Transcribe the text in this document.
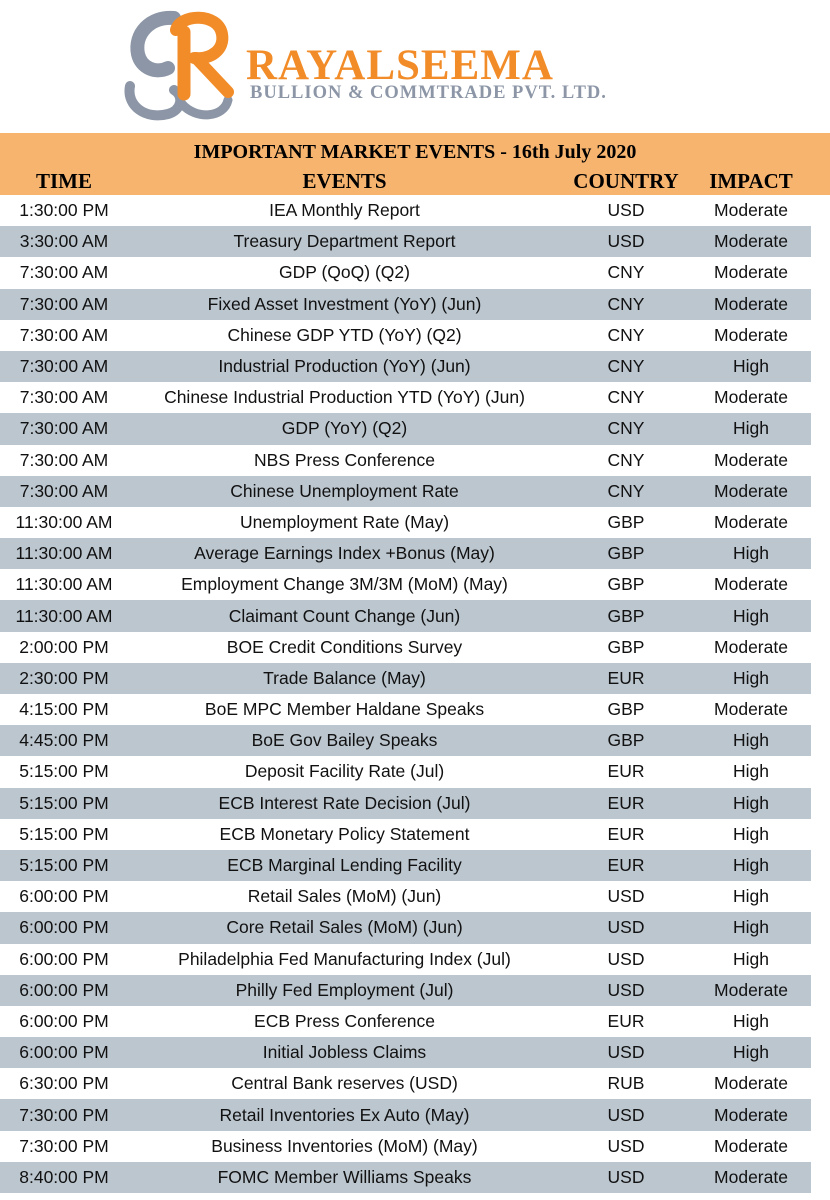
RAYALSEEMA
BULLION & COMMTRADE PVT. LTD.
IMPORTANT MARKET EVENTS - 16th July 2020
TIME	EVENTS	COUNTRY	IMPACT
1:30:00 PM	IEA Monthly Report	USD	Moderate
3:30:00 AM	Treasury Department Report	USD	Moderate
7:30:00 AM	GDP (QoQ) (Q2)	CNY	Moderate
7:30:00 AM	Fixed Asset Investment (YoY) (Jun)	CNY	Moderate
7:30:00 AM	Chinese GDP YTD (YoY) (Q2)	CNY	Moderate
7:30:00 AM	Industrial Production (YoY) (Jun)	CNY	High
7:30:00 AM	Chinese Industrial Production YTD (YoY) (Jun)	CNY	Moderate
7:30:00 AM	GDP (YoY) (Q2)	CNY	High
7:30:00 AM	NBS Press Conference	CNY	Moderate
7:30:00 AM	Chinese Unemployment Rate	CNY	Moderate
11:30:00 AM	Unemployment Rate (May)	GBP	Moderate
11:30:00 AM	Average Earnings Index +Bonus (May)	GBP	High
11:30:00 AM	Employment Change 3M/3M (MoM) (May)	GBP	Moderate
11:30:00 AM	Claimant Count Change (Jun)	GBP	High
2:00:00 PM	BOE Credit Conditions Survey	GBP	Moderate
2:30:00 PM	Trade Balance (May)	EUR	High
4:15:00 PM	BoE MPC Member Haldane Speaks	GBP	Moderate
4:45:00 PM	BoE Gov Bailey Speaks	GBP	High
5:15:00 PM	Deposit Facility Rate (Jul)	EUR	High
5:15:00 PM	ECB Interest Rate Decision (Jul)	EUR	High
5:15:00 PM	ECB Monetary Policy Statement	EUR	High
5:15:00 PM	ECB Marginal Lending Facility	EUR	High
6:00:00 PM	Retail Sales (MoM) (Jun)	USD	High
6:00:00 PM	Core Retail Sales (MoM) (Jun)	USD	High
6:00:00 PM	Philadelphia Fed Manufacturing Index (Jul)	USD	High
6:00:00 PM	Philly Fed Employment (Jul)	USD	Moderate
6:00:00 PM	ECB Press Conference	EUR	High
6:00:00 PM	Initial Jobless Claims	USD	High
6:30:00 PM	Central Bank reserves (USD)	RUB	Moderate
7:30:00 PM	Retail Inventories Ex Auto (May)	USD	Moderate
7:30:00 PM	Business Inventories (MoM) (May)	USD	Moderate
8:40:00 PM	FOMC Member Williams Speaks	USD	Moderate
